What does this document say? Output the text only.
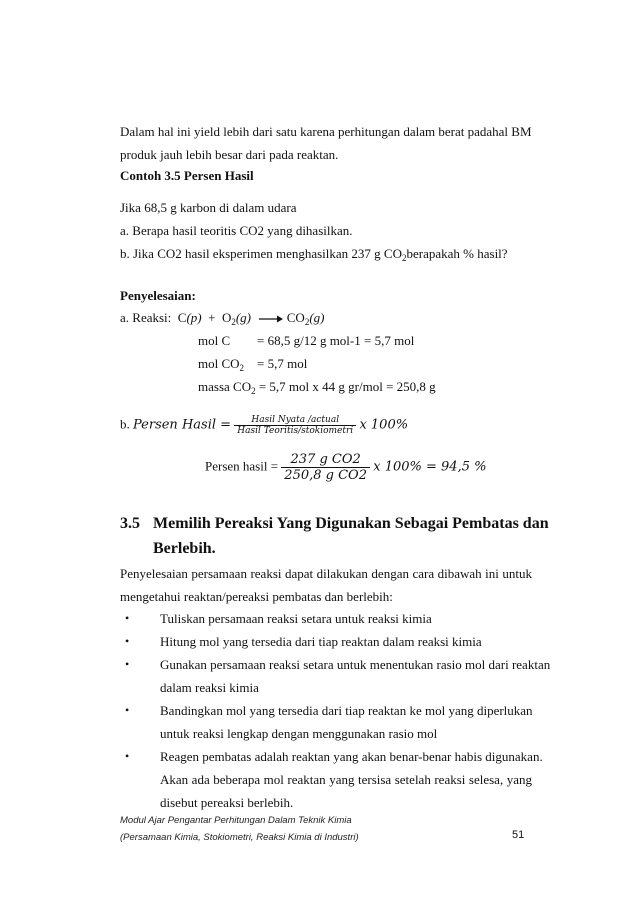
Dalam hal ini yield lebih dari satu karena perhitungan dalam berat padahal BM
produk jauh lebih besar dari pada reaktan.
Contoh 3.5 Persen Hasil
Jika 68,5 g karbon di dalam udara
a. Berapa hasil teoritis CO2 yang dihasilkan.
b. Jika CO2 hasil eksperimen menghasilkan 237 g $CO_2berapakah$ % hasil?
Penyelesaian:
a. Reaksi: $C(p) + O_2(g) \to CO_2(g)$
mol C = 68,5 g/12 g mol-1 = 5,7 mol
mol $CO_2 = 5,7$ mol
massa $CO_2 = 5,7$ mol x 44 g gr/mol = 250,8 g
b. Persen Hasil = $\frac{\text{Hasil Nyata /actual}}{\text{Hasil Teoritis/stokiometri}}$ x 100%
Persen hasil = $\frac{\text{237 g CO2}}{\text{250,8 g CO2}}$ x 100% = 94,5 %
3.5 Memilih Pereaksi Yang Digunakan Sebagai Pembatas dan
Berlebih.
Penyelesaian persamaan reaksi dapat dilakukan dengan cara dibawah ini untuk
mengetahui reaktan/pereaksi pembatas dan berlebih:
• Tuliskan persamaan reaksi setara untuk reaksi kimia
• Hitung mol yang tersedia dari tiap reaktan dalam reaksi kimia
• Gunakan persamaan reaksi setara untuk menentukan rasio mol dari reaktan
dalam reaksi kimia
• Bandingkan mol yang tersedia dari tiap reaktan ke mol yang diperlukan
untuk reaksi lengkap dengan menggunakan rasio mol
• Reagen pembatas adalah reaktan yang akan benar-benar habis digunakan.
Akan ada beberapa mol reaktan yang tersisa setelah reaksi selesa, yang
disebut pereaksi berlebih.
Modul Ajar Pengantar Perhitungan Dalam Teknik Kimia
(Persamaan Kimia, Stokiometri, Reaksi Kimia di Industri)	51
